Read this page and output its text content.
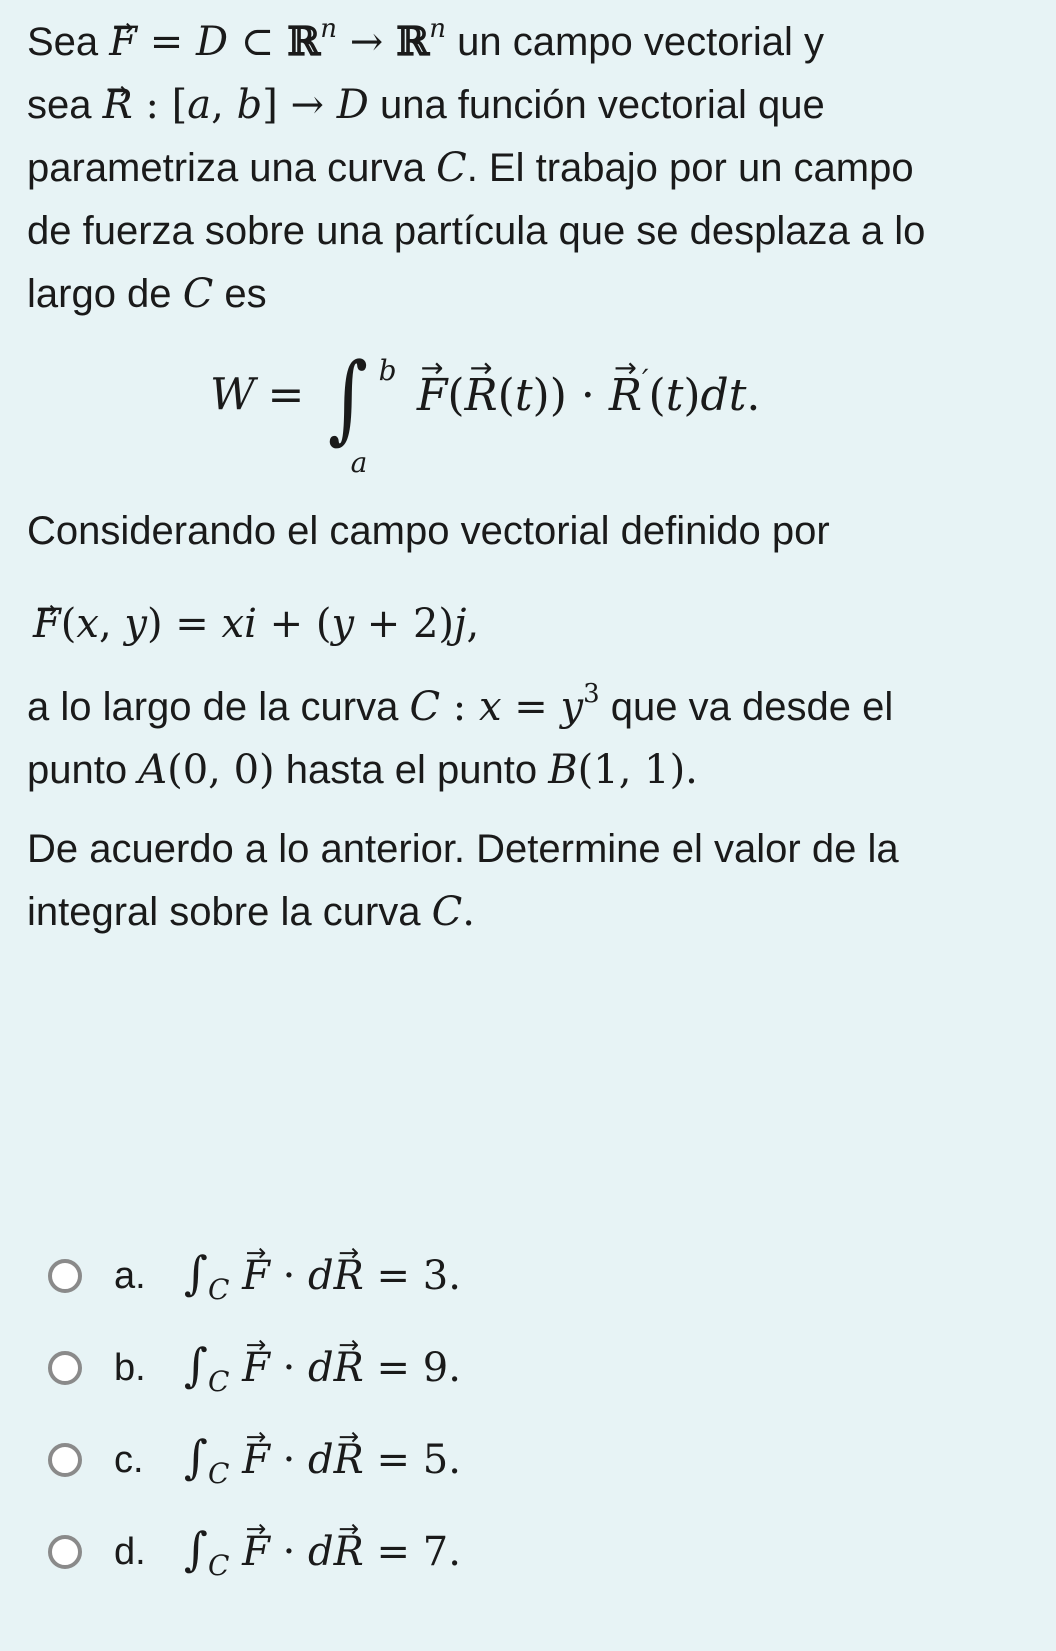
Sea → F = D ⊂ ℝ$^n$ → ℝ$^n$ un campo vectorial y
sea → R : [a, b] → D una función vectorial que
parametriza una curva C. El trabajo por un campo
de fuerza sobre una partícula que se desplaza a lo
largo de C es
W = ∫ b
a
→ F(→ R(t)) · → R′(t)dt.
Considerando el campo vectorial definido por
→ F(x, y) = xi + (y + 2)j,
a lo largo de la curva C : $x = y^3$ que va desde el
punto A(0, 0) hasta el punto B(1, 1).
De acuerdo a lo anterior. Determine el valor de la
integral sobre la curva C.
a. $\int_C \to F \cdot d\to R = 3$.
b. $\int_C \to F \cdot d\to R = 9$.
c. $\int_C \to F \cdot d\to R = 5$.
d. $\int_C \to F \cdot d\to R = 7$.
